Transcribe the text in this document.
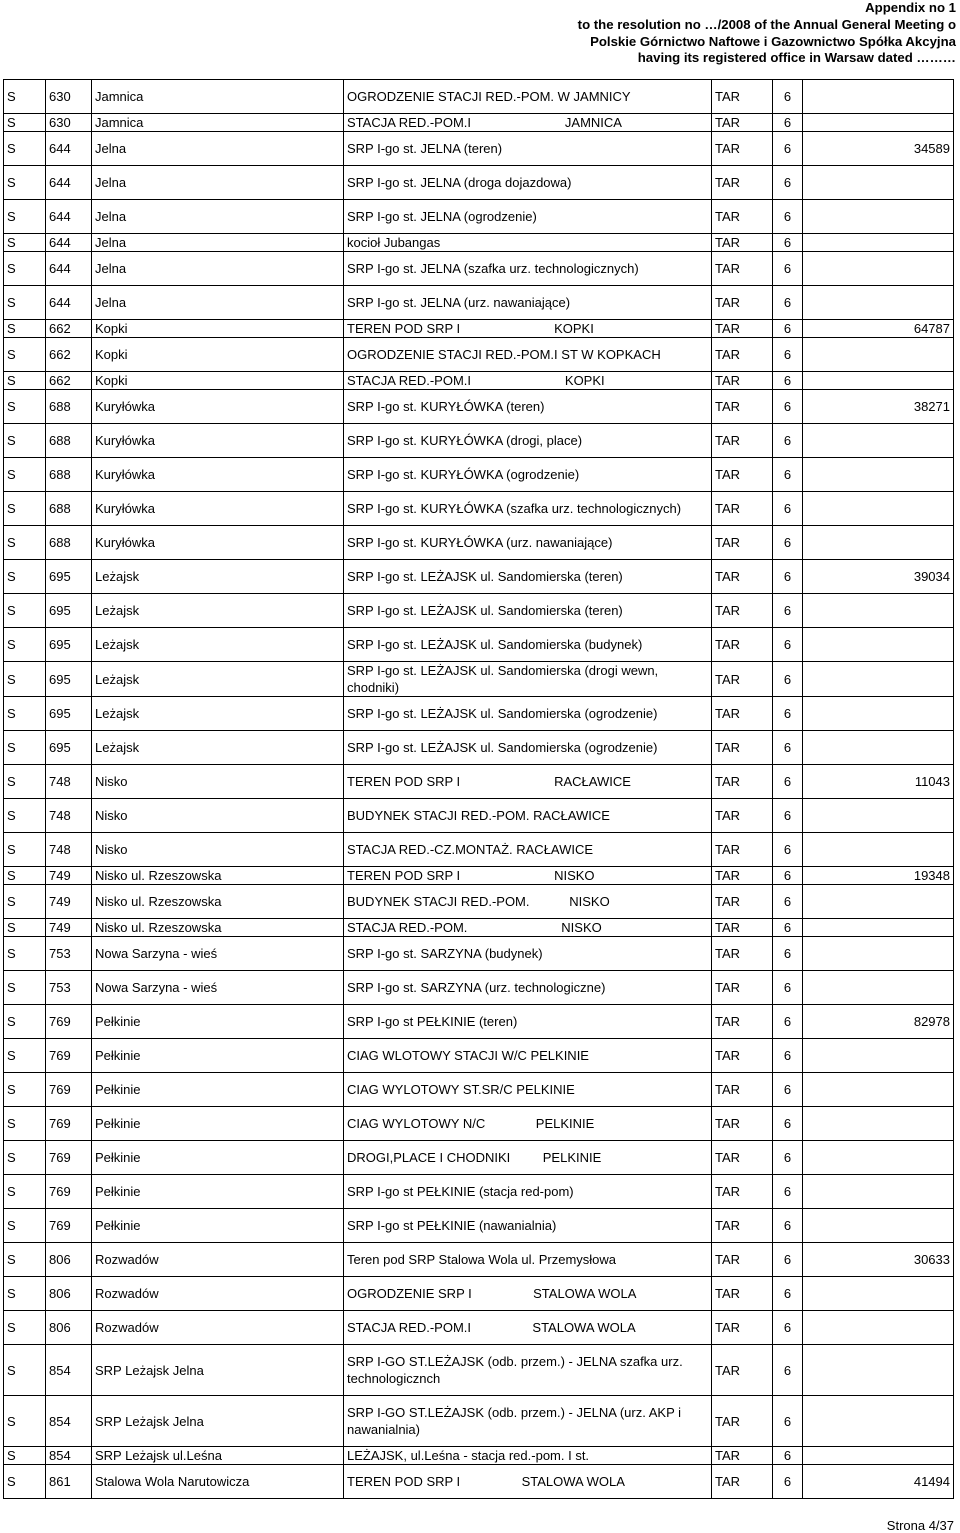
Appendix no 1
to the resolution no …/2008 of the Annual General Meeting o
Polskie Górnictwo Naftowe i Gazownictwo Spółka Akcyjna
having its registered office in Warsaw dated ………
S	630	Jamnica	OGRODZENIE STACJI RED.-POM. W JAMNICY	TAR	6	
S	630	Jamnica	STACJA RED.-POM.I                          JAMNICA	TAR	6	
S	644	Jelna	SRP I-go st. JELNA (teren)	TAR	6	34589
S	644	Jelna	SRP I-go st. JELNA (droga dojazdowa)	TAR	6	
S	644	Jelna	SRP I-go st. JELNA (ogrodzenie)	TAR	6	
S	644	Jelna	kocioł Jubangas	TAR	6	
S	644	Jelna	SRP I-go st. JELNA (szafka urz. technologicznych)	TAR	6	
S	644	Jelna	SRP I-go st. JELNA (urz. nawaniające)	TAR	6	
S	662	Kopki	TEREN POD SRP I                          KOPKI	TAR	6	64787
S	662	Kopki	OGRODZENIE STACJI RED.-POM.I ST W KOPKACH	TAR	6	
S	662	Kopki	STACJA RED.-POM.I                          KOPKI	TAR	6	
S	688	Kuryłówka	SRP I-go st. KURYŁÓWKA (teren)	TAR	6	38271
S	688	Kuryłówka	SRP I-go st. KURYŁÓWKA (drogi, place)	TAR	6	
S	688	Kuryłówka	SRP I-go st. KURYŁÓWKA (ogrodzenie)	TAR	6	
S	688	Kuryłówka	SRP I-go st. KURYŁÓWKA (szafka urz. technologicznych)	TAR	6	
S	688	Kuryłówka	SRP I-go st. KURYŁÓWKA (urz. nawaniające)	TAR	6	
S	695	Leżajsk	SRP I-go st. LEŻAJSK ul. Sandomierska (teren)	TAR	6	39034
S	695	Leżajsk	SRP I-go st. LEŻAJSK ul. Sandomierska (teren)	TAR	6	
S	695	Leżajsk	SRP I-go st. LEŻAJSK ul. Sandomierska (budynek)	TAR	6	
S	695	Leżajsk	SRP I-go st. LEŻAJSK ul. Sandomierska (drogi wewn, chodniki)	TAR	6	
S	695	Leżajsk	SRP I-go st. LEŻAJSK ul. Sandomierska (ogrodzenie)	TAR	6	
S	695	Leżajsk	SRP I-go st. LEŻAJSK ul. Sandomierska (ogrodzenie)	TAR	6	
S	748	Nisko	TEREN POD SRP I                          RACŁAWICE	TAR	6	11043
S	748	Nisko	BUDYNEK STACJI RED.-POM. RACŁAWICE	TAR	6	
S	748	Nisko	STACJA RED.-CZ.MONTAŻ. RACŁAWICE	TAR	6	
S	749	Nisko ul. Rzeszowska	TEREN POD SRP I                          NISKO	TAR	6	19348
S	749	Nisko ul. Rzeszowska	BUDYNEK STACJI RED.-POM.           NISKO	TAR	6	
S	749	Nisko ul. Rzeszowska	STACJA RED.-POM.                          NISKO	TAR	6	
S	753	Nowa Sarzyna - wieś	SRP I-go st. SARZYNA (budynek)	TAR	6	
S	753	Nowa Sarzyna - wieś	SRP I-go st. SARZYNA (urz. technologiczne)	TAR	6	
S	769	Pełkinie	SRP I-go st PEŁKINIE (teren)	TAR	6	82978
S	769	Pełkinie	CIAG WLOTOWY STACJI W/C PELKINIE	TAR	6	
S	769	Pełkinie	CIAG WYLOTOWY ST.SR/C PELKINIE	TAR	6	
S	769	Pełkinie	CIAG WYLOTOWY N/C              PELKINIE	TAR	6	
S	769	Pełkinie	DROGI,PLACE I CHODNIKI         PELKINIE	TAR	6	
S	769	Pełkinie	SRP I-go st PEŁKINIE (stacja red-pom)	TAR	6	
S	769	Pełkinie	SRP I-go st PEŁKINIE (nawanialnia)	TAR	6	
S	806	Rozwadów	Teren pod SRP Stalowa Wola ul. Przemysłowa	TAR	6	30633
S	806	Rozwadów	OGRODZENIE SRP I                 STALOWA WOLA	TAR	6	
S	806	Rozwadów	STACJA RED.-POM.I                 STALOWA WOLA	TAR	6	
S	854	SRP Leżajsk Jelna	SRP I-GO ST.LEŻAJSK (odb. przem.) - JELNA szafka urz. technologicznch	TAR	6	
S	854	SRP Leżajsk Jelna	SRP I-GO ST.LEŻAJSK (odb. przem.) - JELNA (urz. AKP i nawanialnia)	TAR	6	
S	854	SRP Leżajsk ul.Leśna	LEŻAJSK, ul.Leśna - stacja red.-pom. I st.	TAR	6	
S	861	Stalowa Wola Narutowicza	TEREN POD SRP I                 STALOWA WOLA	TAR	6	41494
Strona 4/37
